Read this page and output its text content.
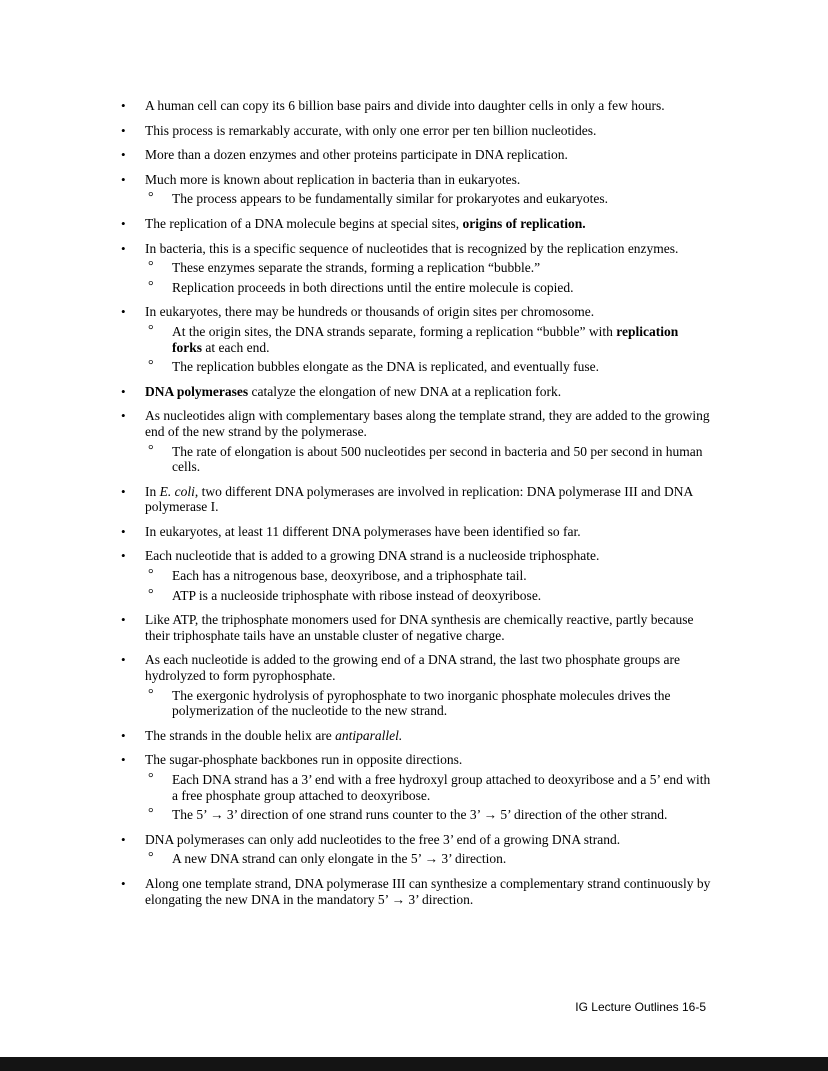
•	A human cell can copy its 6 billion base pairs and divide into daughter cells in only a few hours.
•	This process is remarkably accurate, with only one error per ten billion nucleotides.
•	More than a dozen enzymes and other proteins participate in DNA replication.
•	Much more is known about replication in bacteria than in eukaryotes.
°	The process appears to be fundamentally similar for prokaryotes and eukaryotes.
•	The replication of a DNA molecule begins at special sites, origins of replication.
•	In bacteria, this is a specific sequence of nucleotides that is recognized by the replication enzymes.
°	These enzymes separate the strands, forming a replication “bubble.”
°	Replication proceeds in both directions until the entire molecule is copied.
•	In eukaryotes, there may be hundreds or thousands of origin sites per chromosome.
°	At the origin sites, the DNA strands separate, forming a replication “bubble” with replication forks at each end.
°	The replication bubbles elongate as the DNA is replicated, and eventually fuse.
•	DNA polymerases catalyze the elongation of new DNA at a replication fork.
•	As nucleotides align with complementary bases along the template strand, they are added to the growing end of the new strand by the polymerase.
°	The rate of elongation is about 500 nucleotides per second in bacteria and 50 per second in human cells.
•	In E. coli, two different DNA polymerases are involved in replication: DNA polymerase III and DNA polymerase I.
•	In eukaryotes, at least 11 different DNA polymerases have been identified so far.
•	Each nucleotide that is added to a growing DNA strand is a nucleoside triphosphate.
°	Each has a nitrogenous base, deoxyribose, and a triphosphate tail.
°	ATP is a nucleoside triphosphate with ribose instead of deoxyribose.
•	Like ATP, the triphosphate monomers used for DNA synthesis are chemically reactive, partly because their triphosphate tails have an unstable cluster of negative charge.
•	As each nucleotide is added to the growing end of a DNA strand, the last two phosphate groups are hydrolyzed to form pyrophosphate.
°	The exergonic hydrolysis of pyrophosphate to two inorganic phosphate molecules drives the polymerization of the nucleotide to the new strand.
•	The strands in the double helix are antiparallel.
•	The sugar-phosphate backbones run in opposite directions.
°	Each DNA strand has a 3’ end with a free hydroxyl group attached to deoxyribose and a 5’ end with a free phosphate group attached to deoxyribose.
°	The 5’ → 3’ direction of one strand runs counter to the 3’ → 5’ direction of the other strand.
•	DNA polymerases can only add nucleotides to the free 3’ end of a growing DNA strand.
°	A new DNA strand can only elongate in the 5’ → 3’ direction.
•	Along one template strand, DNA polymerase III can synthesize a complementary strand continuously by elongating the new DNA in the mandatory 5’ → 3’ direction.
IG Lecture Outlines 16-5
